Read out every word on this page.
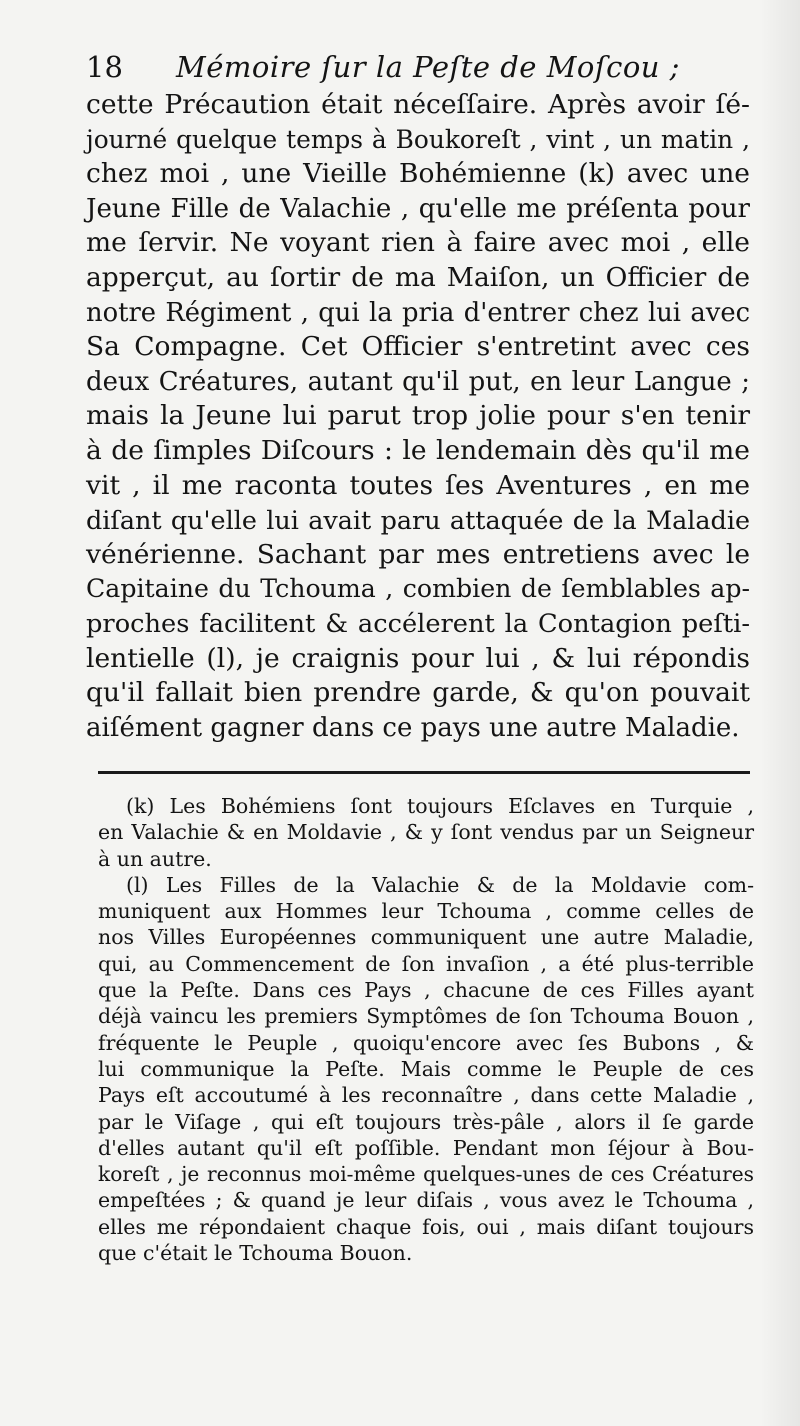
18 Mémoire ſur la Peſte de Moſcou ;
cette Précaution était néceſſaire. Après avoir ſé-
journé quelque temps à Boukoreſt , vint , un matin ,
chez moi , une Vieille Bohémienne (k) avec une
Jeune Fille de Valachie , qu'elle me préſenta pour
me ſervir. Ne voyant rien à faire avec moi , elle
apperçut, au ſortir de ma Maiſon, un Officier de
notre Régiment , qui la pria d'entrer chez lui avec
Sa Compagne. Cet Officier s'entretint avec ces
deux Créatures, autant qu'il put, en leur Langue ;
mais la Jeune lui parut trop jolie pour s'en tenir
à de ſimples Diſcours : le lendemain dès qu'il me
vit , il me raconta toutes ſes Aventures , en me
diſant qu'elle lui avait paru attaquée de la Maladie
vénérienne. Sachant par mes entretiens avec le
Capitaine du Tchouma , combien de ſemblables ap-
proches facilitent & accélerent la Contagion peſti-
lentielle (l), je craignis pour lui , & lui répondis
qu'il fallait bien prendre garde, & qu'on pouvait
aiſément gagner dans ce pays une autre Maladie.
(k) Les Bohémiens ſont toujours Eſclaves en Turquie ,
en Valachie & en Moldavie , & y ſont vendus par un Seigneur
à un autre.
(l) Les Filles de la Valachie & de la Moldavie com-
muniquent aux Hommes leur Tchouma , comme celles de
nos Villes Européennes communiquent une autre Maladie,
qui, au Commencement de ſon invaſion , a été plus-terrible
que la Peſte. Dans ces Pays , chacune de ces Filles ayant
déjà vaincu les premiers Symptômes de ſon Tchouma Bouon ,
fréquente le Peuple , quoiqu'encore avec ſes Bubons , &
lui communique la Peſte. Mais comme le Peuple de ces
Pays eſt accoutumé à les reconnaître , dans cette Maladie ,
par le Viſage , qui eſt toujours très-pâle , alors il ſe garde
d'elles autant qu'il eſt poſſible. Pendant mon ſéjour à Bou-
koreſt , je reconnus moi-même quelques-unes de ces Créatures
empeſtées ; & quand je leur diſais , vous avez le Tchouma ,
elles me répondaient chaque fois, oui , mais diſant toujours
que c'était le Tchouma Bouon.
